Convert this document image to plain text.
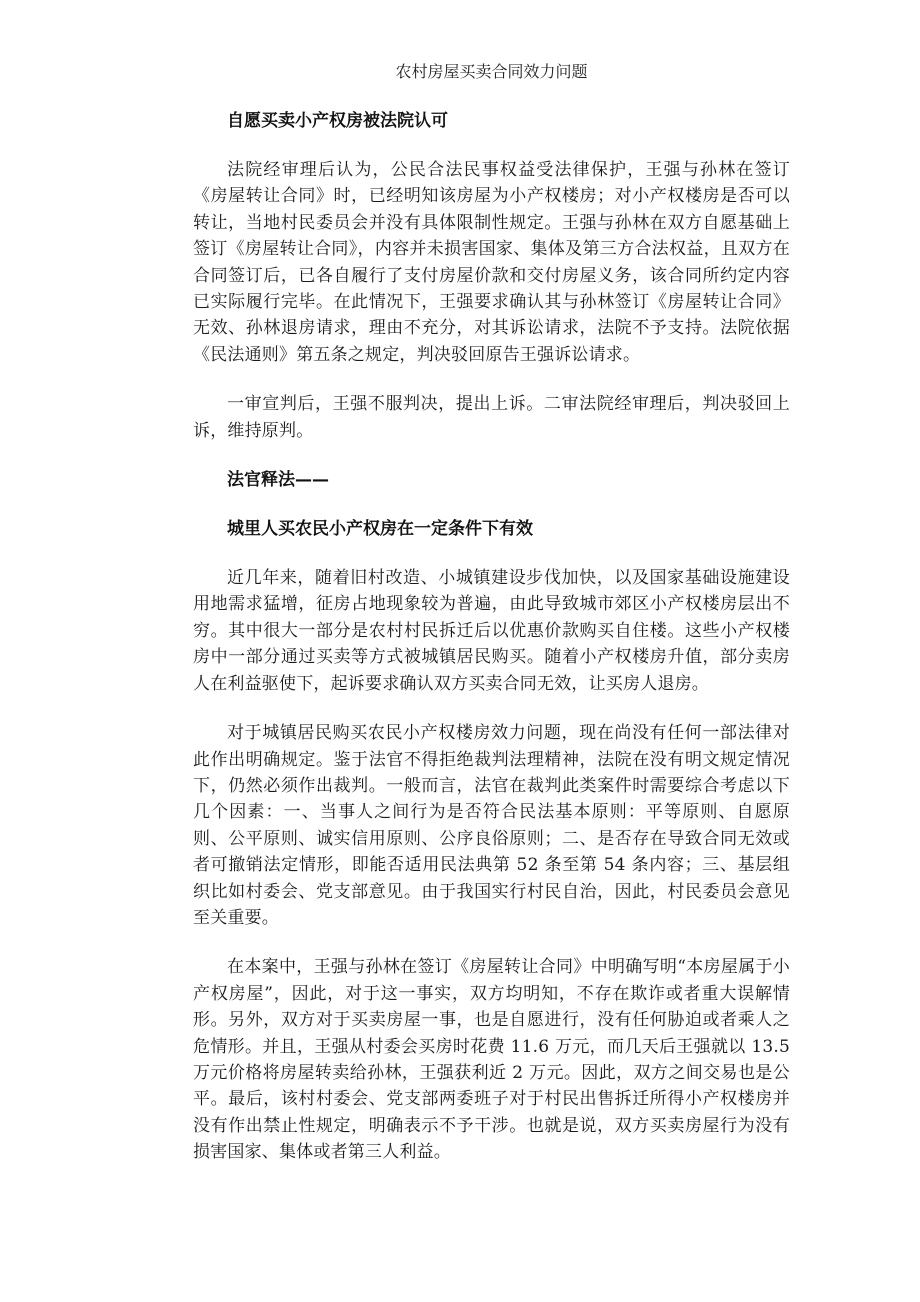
农村房屋买卖合同效力问题
自愿买卖小产权房被法院认可
法院经审理后认为，公民合法民事权益受法律保护，王强与孙林在签订《房屋转让合同》时，已经明知该房屋为小产权楼房；对小产权楼房是否可以转让，当地村民委员会并没有具体限制性规定。王强与孙林在双方自愿基础上签订《房屋转让合同》，内容并未损害国家、集体及第三方合法权益，且双方在合同签订后，已各自履行了支付房屋价款和交付房屋义务，该合同所约定内容已实际履行完毕。在此情况下，王强要求确认其与孙林签订《房屋转让合同》无效、孙林退房请求，理由不充分，对其诉讼请求，法院不予支持。法院依据《民法通则》第五条之规定，判决驳回原告王强诉讼请求。
一审宣判后，王强不服判决，提出上诉。二审法院经审理后，判决驳回上诉，维持原判。
法官释法——
城里人买农民小产权房在一定条件下有效
近几年来，随着旧村改造、小城镇建设步伐加快，以及国家基础设施建设用地需求猛增，征房占地现象较为普遍，由此导致城市郊区小产权楼房层出不穷。其中很大一部分是农村村民拆迁后以优惠价款购买自住楼。这些小产权楼房中一部分通过买卖等方式被城镇居民购买。随着小产权楼房升值，部分卖房人在利益驱使下，起诉要求确认双方买卖合同无效，让买房人退房。
对于城镇居民购买农民小产权楼房效力问题，现在尚没有任何一部法律对此作出明确规定。鉴于法官不得拒绝裁判法理精神，法院在没有明文规定情况下，仍然必须作出裁判。一般而言，法官在裁判此类案件时需要综合考虑以下几个因素：一、当事人之间行为是否符合民法基本原则：平等原则、自愿原则、公平原则、诚实信用原则、公序良俗原则；二、是否存在导致合同无效或者可撤销法定情形，即能否适用民法典第 52 条至第 54 条内容；三、基层组织比如村委会、党支部意见。由于我国实行村民自治，因此，村民委员会意见至关重要。
在本案中，王强与孙林在签订《房屋转让合同》中明确写明“本房屋属于小产权房屋”，因此，对于这一事实，双方均明知，不存在欺诈或者重大误解情形。另外，双方对于买卖房屋一事，也是自愿进行，没有任何胁迫或者乘人之危情形。并且，王强从村委会买房时花费 11.6 万元，而几天后王强就以 13.5 万元价格将房屋转卖给孙林，王强获利近 2 万元。因此，双方之间交易也是公平。最后，该村村委会、党支部两委班子对于村民出售拆迁所得小产权楼房并没有作出禁止性规定，明确表示不予干涉。也就是说，双方买卖房屋行为没有损害国家、集体或者第三人利益。
